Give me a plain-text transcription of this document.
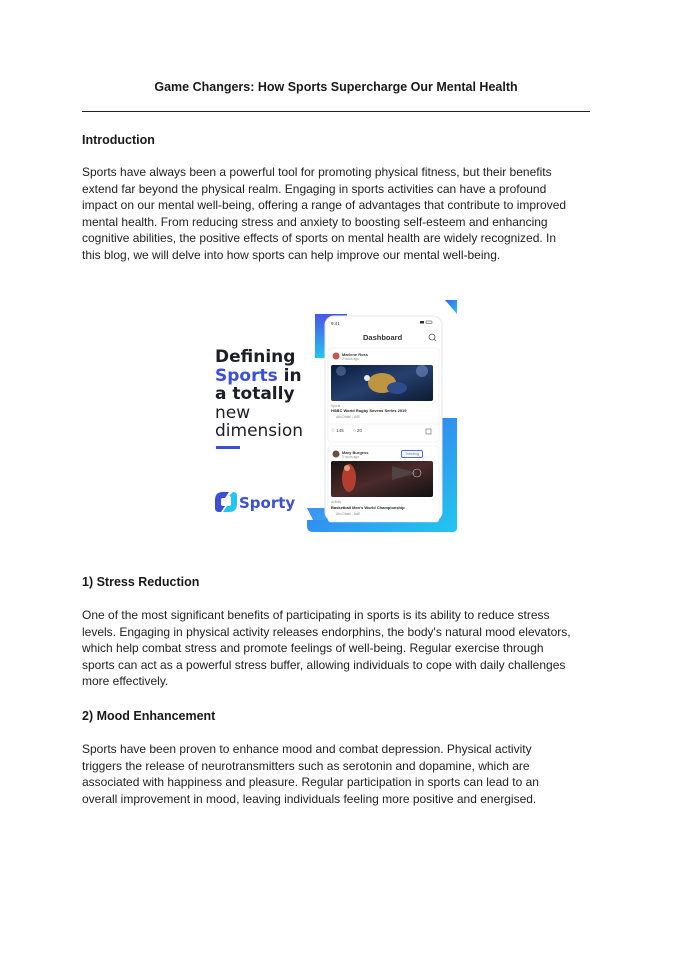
Game Changers: How Sports Supercharge Our Mental Health
Introduction
Sports have always been a powerful tool for promoting physical fitness, but their benefits
extend far beyond the physical realm. Engaging in sports activities can have a profound
impact on our mental well-being, offering a range of advantages that contribute to improved
mental health. From reducing stress and anxiety to boosting self-esteem and enhancing
cognitive abilities, the positive effects of sports on mental health are widely recognized. In
this blog, we will delve into how sports can help improve our mental well-being.
Defining
Sports in
a totally
new
dimension
Sporty
9:41
Dashboard
Marlene Ross
2 hours ago
Sports
HSBC World Rugby Sevens Series 2019
Abu Dhabi - UAE
♡ 145 ◌ 20
Mary Burgess
3 hours ago
Trending
Activity
Basketball Men's World Championship
Abu Dhabi - UAE
1) Stress Reduction
One of the most significant benefits of participating in sports is its ability to reduce stress
levels. Engaging in physical activity releases endorphins, the body's natural mood elevators,
which help combat stress and promote feelings of well-being. Regular exercise through
sports can act as a powerful stress buffer, allowing individuals to cope with daily challenges
more effectively.
2) Mood Enhancement
Sports have been proven to enhance mood and combat depression. Physical activity
triggers the release of neurotransmitters such as serotonin and dopamine, which are
associated with happiness and pleasure. Regular participation in sports can lead to an
overall improvement in mood, leaving individuals feeling more positive and energised.
